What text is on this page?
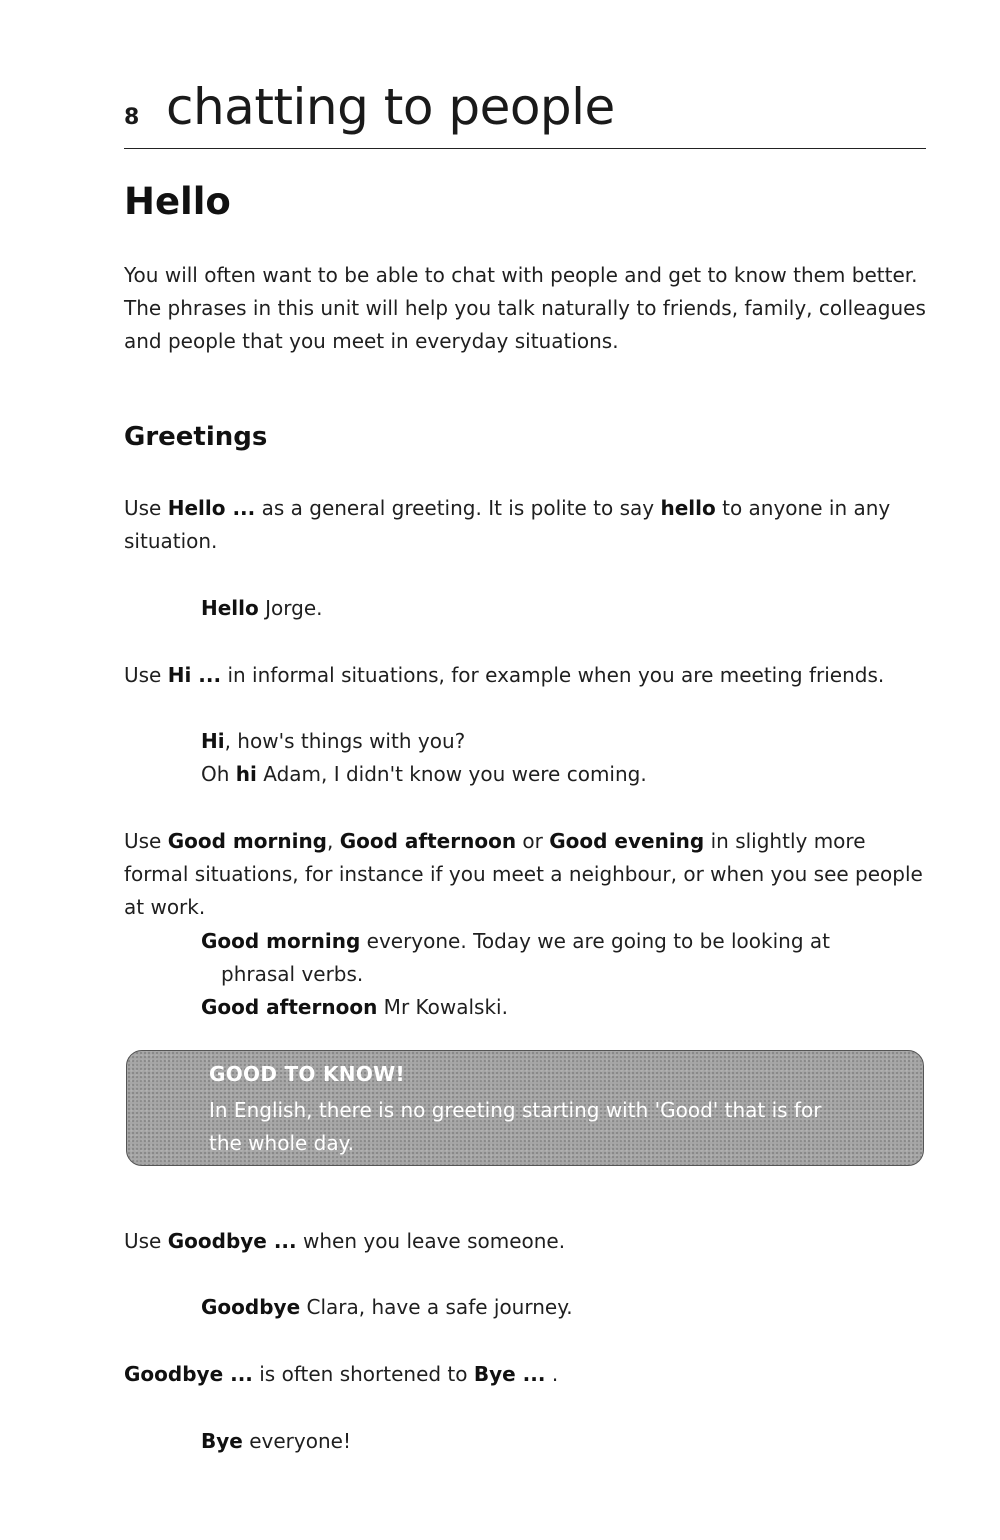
8 chatting to people
Hello

You will often want to be able to chat with people and get to know them better. The phrases in this unit will help you talk naturally to friends, family, colleagues and people that you meet in everyday situations.

Greetings

Use Hello ... as a general greeting. It is polite to say hello to anyone in any situation.

Hello Jorge.

Use Hi ... in informal situations, for example when you are meeting friends.

Hi, how's things with you?
Oh hi Adam, I didn't know you were coming.

Use Good morning, Good afternoon or Good evening in slightly more formal situations, for instance if you meet a neighbour, or when you see people at work.

Good morning everyone. Today we are going to be looking at
phrasal verbs.
Good afternoon Mr Kowalski.

GOOD TO KNOW!
In English, there is no greeting starting with 'Good' that is for the whole day.

Use Goodbye ... when you leave someone.

Goodbye Clara, have a safe journey.

Goodbye ... is often shortened to Bye ... .

Bye everyone!
